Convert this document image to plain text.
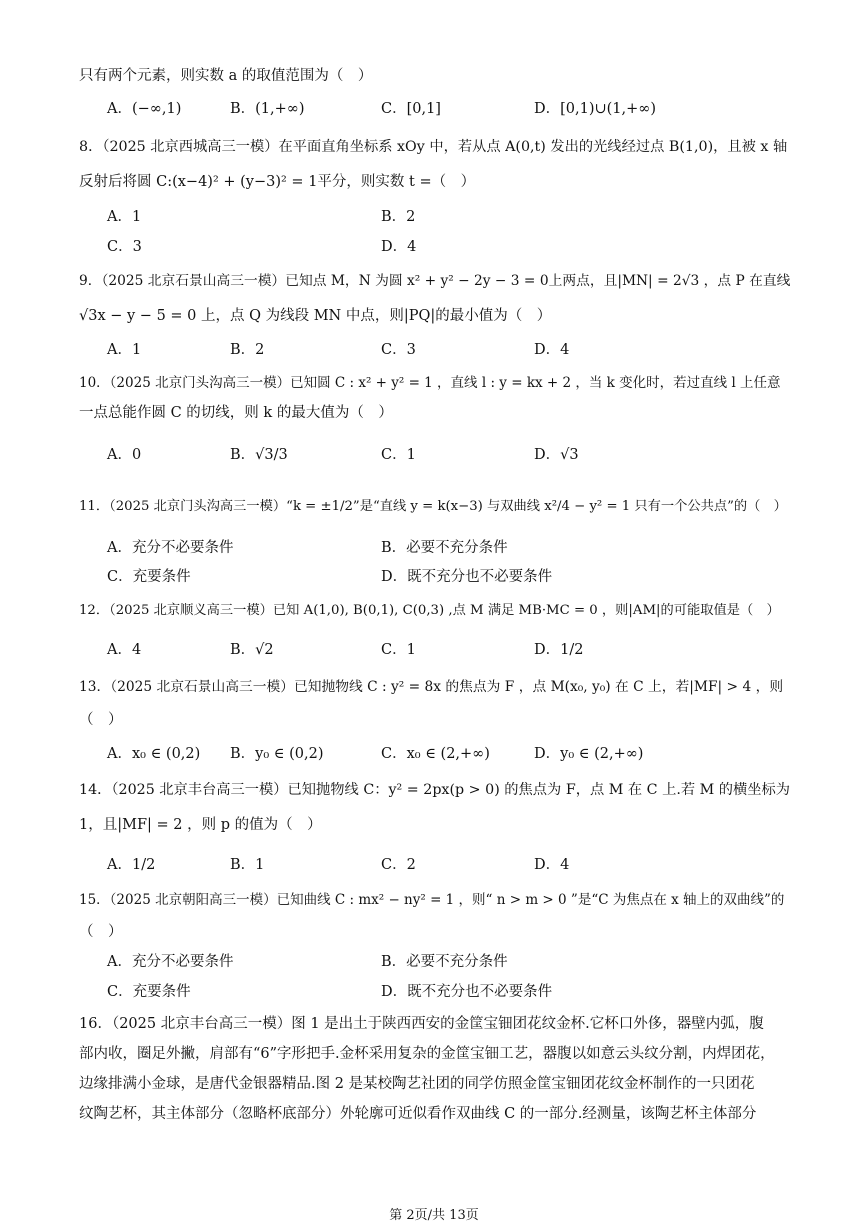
只有两个元素，则实数 a 的取值范围为（　）
A．(−∞,1)	B．(1,+∞)	C．[0,1]	D．[0,1)∪(1,+∞)
8．（2025 北京西城高三一模）在平面直角坐标系 xOy 中，若从点 A(0,t) 发出的光线经过点 B(1,0)，且被 x 轴
反射后将圆 C:(x−4)² + (y−3)² = 1平分，则实数 t =（　）
A．1	B．2
C．3	D．4
9．（2025 北京石景山高三一模）已知点 M，N 为圆 x² + y² − 2y − 3 = 0上两点，且|MN| = 2√3 ，点 P 在直线
√3x − y − 5 = 0 上，点 Q 为线段 MN 中点，则|PQ|的最小值为（　）
A．1	B．2	C．3	D．4
10．（2025 北京门头沟高三一模）已知圆 C : x² + y² = 1 ，直线 l : y = kx + 2 ，当 k 变化时，若过直线 l 上任意
一点总能作圆 C 的切线，则 k 的最大值为（　）
A．0	B．√3/3	C．1	D．√3
11．（2025 北京门头沟高三一模）“k = ±1/2”是“直线 y = k(x−3) 与双曲线 x²/4 − y² = 1 只有一个公共点”的（　）
A．充分不必要条件	B．必要不充分条件
C．充要条件	D．既不充分也不必要条件
12．（2025 北京顺义高三一模）已知 A(1,0), B(0,1), C(0,3) ,点 M 满足 MB·MC = 0 ，则|AM|的可能取值是（　）
A．4	B．√2	C．1	D．1/2
13．（2025 北京石景山高三一模）已知抛物线 C : y² = 8x 的焦点为 F ，点 M(x₀, y₀) 在 C 上，若|MF| > 4 ，则
（　）
A．x₀ ∈ (0,2) B．y₀ ∈ (0,2)	C．x₀ ∈ (2,+∞)	D．y₀ ∈ (2,+∞)
14．（2025 北京丰台高三一模）已知抛物线 C：y² = 2px(p > 0) 的焦点为 F，点 M 在 C 上.若 M 的横坐标为
1，且|MF| = 2 ，则 p 的值为（　）
A．1/2	B．1	C．2	D．4
15．（2025 北京朝阳高三一模）已知曲线 C : mx² − ny² = 1 ，则“ n > m > 0 ”是“C 为焦点在 x 轴上的双曲线”的
（　）
A．充分不必要条件	B．必要不充分条件
C．充要条件	D．既不充分也不必要条件
16．（2025 北京丰台高三一模）图 1 是出土于陕西西安的金筐宝钿团花纹金杯.它杯口外侈，器壁内弧，腹
部内收，圈足外撇，肩部有“6”字形把手.金杯采用复杂的金筐宝钿工艺，器腹以如意云头纹分割，内焊团花，
边缘排满小金球，是唐代金银器精品.图 2 是某校陶艺社团的同学仿照金筐宝钿团花纹金杯制作的一只团花
纹陶艺杯，其主体部分（忽略杯底部分）外轮廓可近似看作双曲线 C 的一部分.经测量，该陶艺杯主体部分
第 2页/共 13页
